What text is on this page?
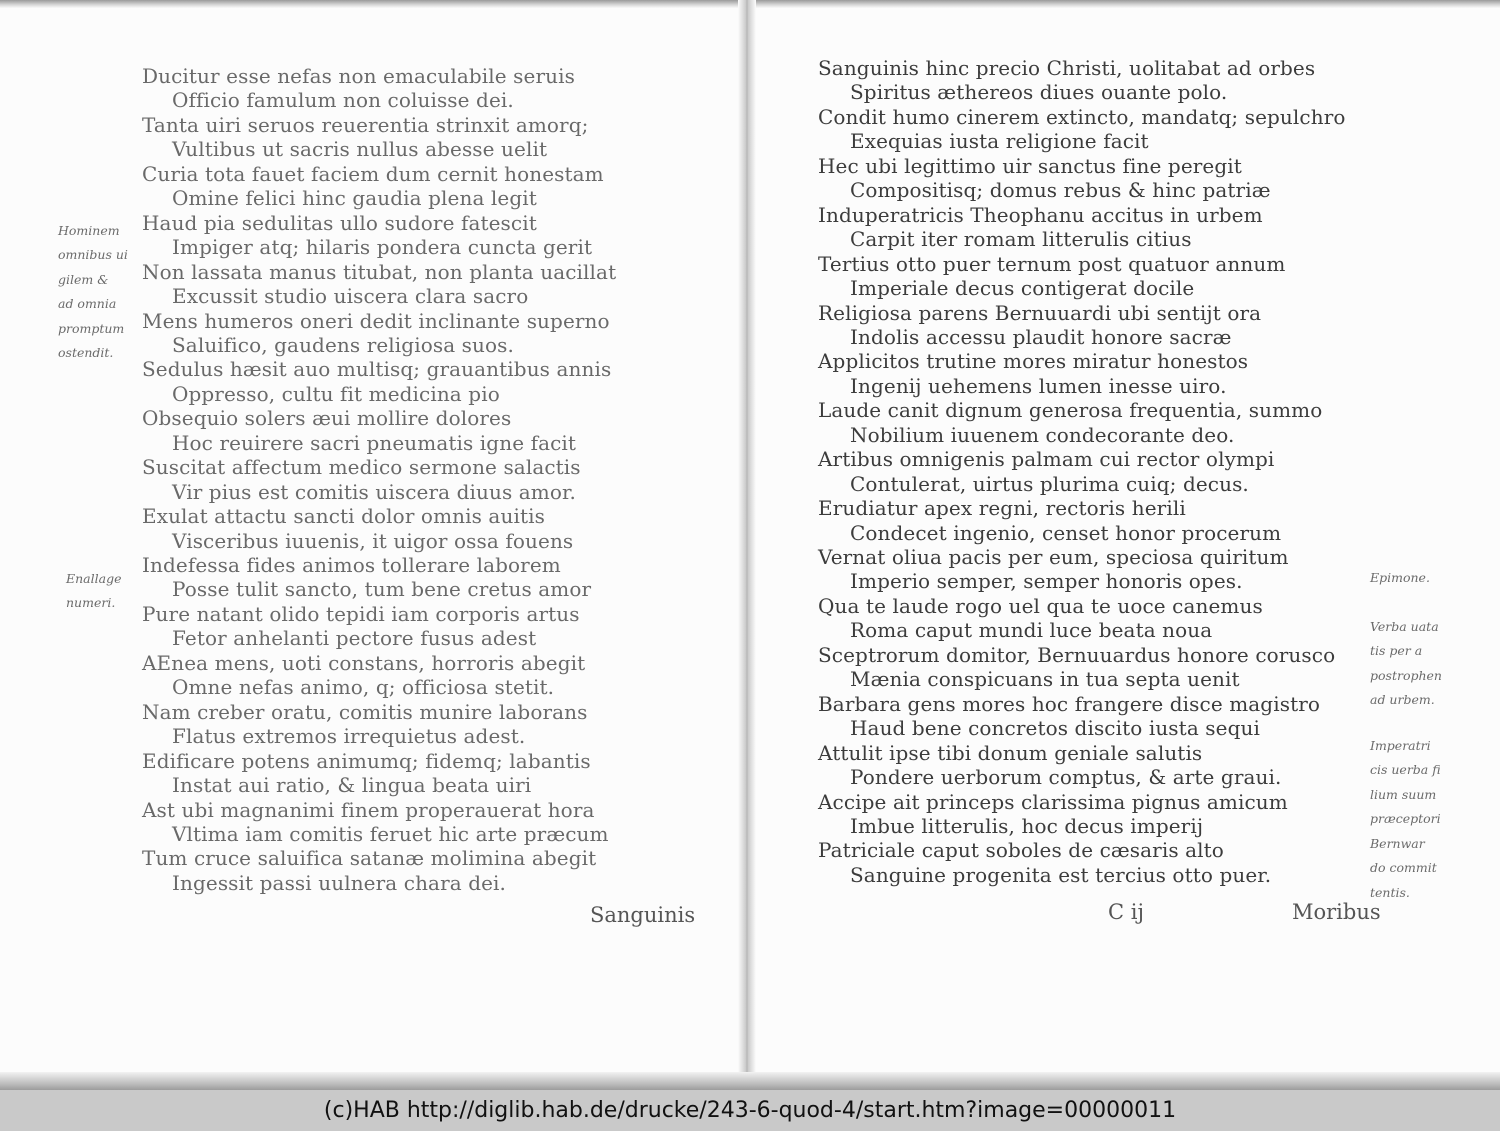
Ducitur esse nefas non emaculabile seruis
Officio famulum non coluisse dei.
Tanta uiri seruos reuerentia strinxit amorq;
Vultibus ut sacris nullus abesse uelit
Curia tota fauet faciem dum cernit honestam
Omine felici hinc gaudia plena legit
Haud pia sedulitas ullo sudore fatescit
Impiger atq; hilaris pondera cuncta gerit
Non lassata manus titubat, non planta uacillat
Excussit studio uiscera clara sacro
Mens humeros oneri dedit inclinante superno
Saluifico, gaudens religiosa suos.
Sedulus hæsit auo multisq; grauantibus annis
Oppresso, cultu fit medicina pio
Obsequio solers æui mollire dolores
Hoc reuirere sacri pneumatis igne facit
Suscitat affectum medico sermone salactis
Vir pius est comitis uiscera diuus amor.
Exulat attactu sancti dolor omnis auitis
Visceribus iuuenis, it uigor ossa fouens
Indefessa fides animos tollerare laborem
Posse tulit sancto, tum bene cretus amor
Pure natant olido tepidi iam corporis artus
Fetor anhelanti pectore fusus adest
AEnea mens, uoti constans, horroris abegit
Omne nefas animo, q; officiosa stetit.
Nam creber oratu, comitis munire laborans
Flatus extremos irrequietus adest.
Edificare potens animumq; fidemq; labantis
Instat aui ratio, & lingua beata uiri
Ast ubi magnanimi finem properauerat hora
Vltima iam comitis feruet hic arte præcum
Tum cruce saluifica satanæ molimina abegit
Ingessit passi uulnera chara dei.
Hominem
omnibus ui
gilem &
ad omnia
promptum
ostendit.
Enallage
numeri.
Sanguinis
Sanguinis hinc precio Christi, uolitabat ad orbes
Spiritus æthereos diues ouante polo.
Condit humo cinerem extincto, mandatq; sepulchro
Exequias iusta religione facit
Hec ubi legittimo uir sanctus fine peregit
Compositisq; domus rebus & hinc patriæ
Induperatricis Theophanu accitus in urbem
Carpit iter romam litterulis citius
Tertius otto puer ternum post quatuor annum
Imperiale decus contigerat docile
Religiosa parens Bernuuardi ubi sentijt ora
Indolis accessu plaudit honore sacræ
Applicitos trutine mores miratur honestos
Ingenij uehemens lumen inesse uiro.
Laude canit dignum generosa frequentia, summo
Nobilium iuuenem condecorante deo.
Artibus omnigenis palmam cui rector olympi
Contulerat, uirtus plurima cuiq; decus.
Erudiatur apex regni, rectoris herili
Condecet ingenio, censet honor procerum
Vernat oliua pacis per eum, speciosa quiritum
Imperio semper, semper honoris opes.
Qua te laude rogo uel qua te uoce canemus
Roma caput mundi luce beata noua
Sceptrorum domitor, Bernuuardus honore corusco
Mænia conspicuans in tua septa uenit
Barbara gens mores hoc frangere disce magistro
Haud bene concretos discito iusta sequi
Attulit ipse tibi donum geniale salutis
Pondere uerborum comptus, & arte graui.
Accipe ait princeps clarissima pignus amicum
Imbue litterulis, hoc decus imperij
Patriciale caput soboles de cæsaris alto
Sanguine progenita est tercius otto puer.
Epimone.
Verba uata
tis per a
postrophen
ad urbem.
Imperatri
cis uerba fi
lium suum
præceptori
Bernwar
do commit
tentis.
C ij	Moribus
(c)HAB http://diglib.hab.de/drucke/243-6-quod-4/start.htm?image=00000011
